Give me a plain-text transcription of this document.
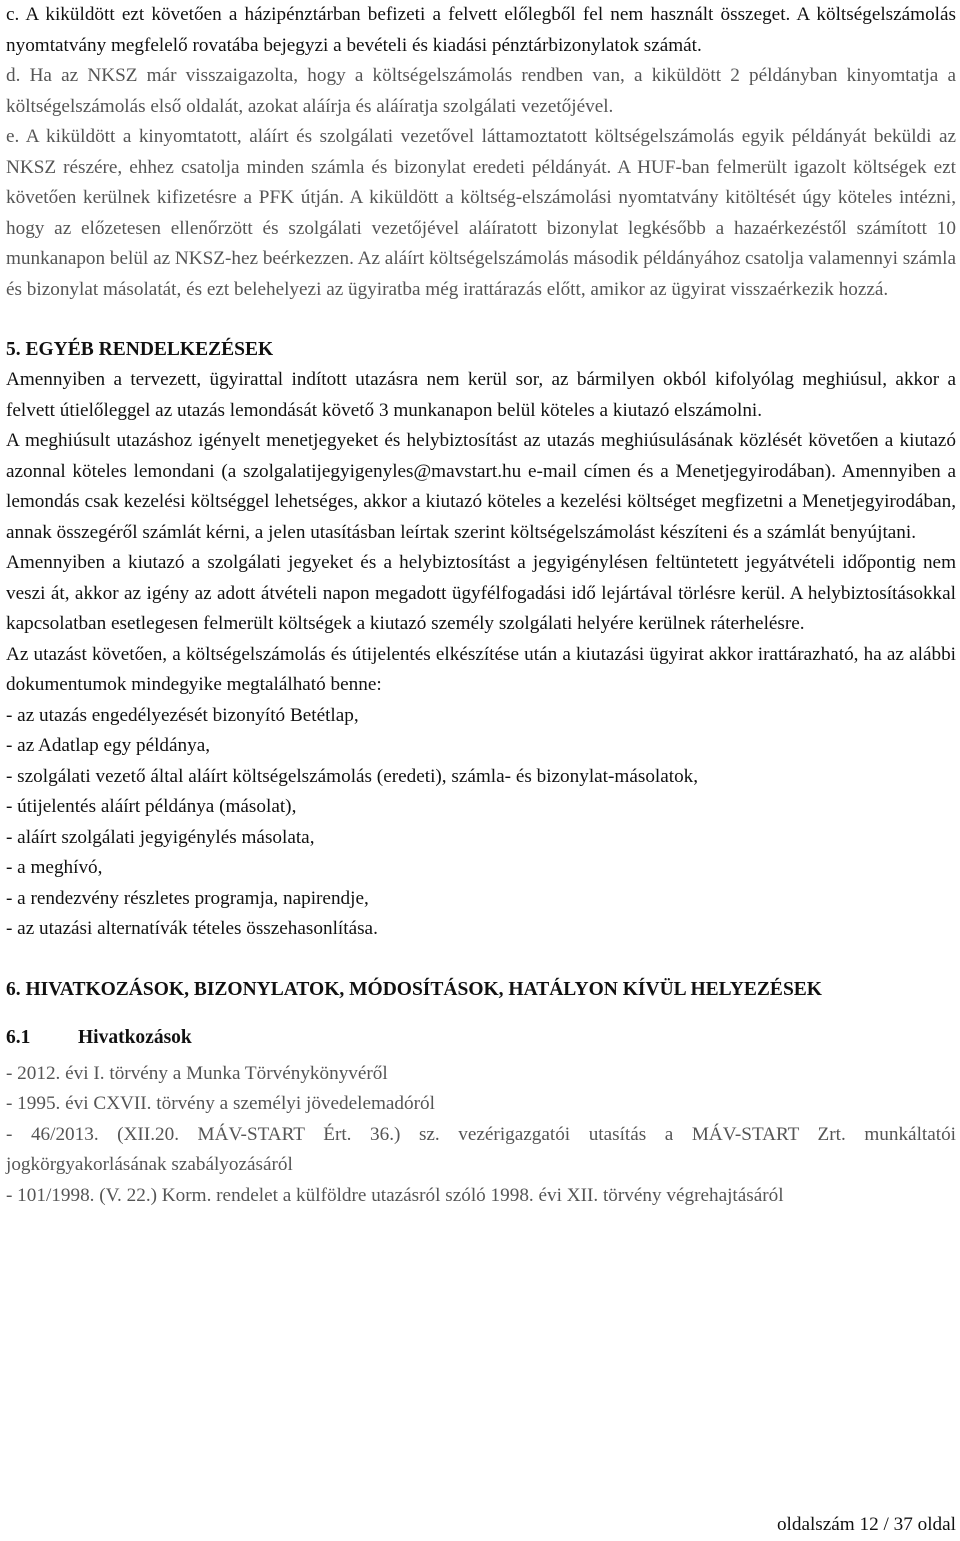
c. A kiküldött ezt követően a házipénztárban befizeti a felvett előlegből fel nem használt összeget. A költségelszámolás nyomtatvány megfelelő rovatába bejegyzi a bevételi és kiadási pénztárbizonylatok számát.

d. Ha az NKSZ már visszaigazolta, hogy a költségelszámolás rendben van, a kiküldött 2 példányban kinyomtatja a költségelszámolás első oldalát, azokat aláírja és aláíratja szolgálati vezetőjével.

e. A kiküldött a kinyomtatott, aláírt és szolgálati vezetővel láttamoztatott költségelszámolás egyik példányát beküldi az NKSZ részére, ehhez csatolja minden számla és bizonylat eredeti példányát. A HUF-ban felmerült igazolt költségek ezt követően kerülnek kifizetésre a PFK útján. A kiküldött a költség-elszámolási nyomtatvány kitöltését úgy köteles intézni, hogy az előzetesen ellenőrzött és szolgálati vezetőjével aláíratott bizonylat legkésőbb a hazaérkezéstől számított 10 munkanapon belül az NKSZ-hez beérkezzen. Az aláírt költségelszámolás második példányához csatolja valamennyi számla és bizonylat másolatát, és ezt belehelyezi az ügyiratba még irattárazás előtt, amikor az ügyirat visszaérkezik hozzá.

5. EGYÉB RENDELKEZÉSEK

Amennyiben a tervezett, ügyirattal indított utazásra nem kerül sor, az bármilyen okból kifolyólag meghiúsul, akkor a felvett útielőleggel az utazás lemondását követő 3 munkanapon belül köteles a kiutazó elszámolni.

A meghiúsult utazáshoz igényelt menetjegyeket és helybiztosítást az utazás meghiúsulásának közlését követően a kiutazó azonnal köteles lemondani (a szolgalatijegyigenyles@mavstart.hu e-mail címen és a Menetjegyirodában). Amennyiben a lemondás csak kezelési költséggel lehetséges, akkor a kiutazó köteles a kezelési költséget megfizetni a Menetjegyirodában, annak összegéről számlát kérni, a jelen utasításban leírtak szerint költségelszámolást készíteni és a számlát benyújtani.

Amennyiben a kiutazó a szolgálati jegyeket és a helybiztosítást a jegyigénylésen feltüntetett jegyátvételi időpontig nem veszi át, akkor az igény az adott átvételi napon megadott ügyfélfogadási idő lejártával törlésre kerül. A helybiztosításokkal kapcsolatban esetlegesen felmerült költségek a kiutazó személy szolgálati helyére kerülnek ráterhelésre.

Az utazást követően, a költségelszámolás és útijelentés elkészítése után a kiutazási ügyirat akkor irattárazható, ha az alábbi dokumentumok mindegyike megtalálható benne:

- az utazás engedélyezését bizonyító Betétlap,
- az Adatlap egy példánya,
- szolgálati vezető által aláírt költségelszámolás (eredeti), számla- és bizonylat-másolatok,
- útijelentés aláírt példánya (másolat),
- aláírt szolgálati jegyigénylés másolata,
- a meghívó,
- a rendezvény részletes programja, napirendje,
- az utazási alternatívák tételes összehasonlítása.
6. HIVATKOZÁSOK, BIZONYLATOK, MÓDOSÍTÁSOK, HATÁLYON KÍVÜL HELYEZÉSEK
6.1 Hivatkozások

- 2012. évi I. törvény a Munka Törvénykönyvéről

- 1995. évi CXVII. törvény a személyi jövedelemadóról

- 46/2013. (XII.20. MÁV-START Ért. 36.) sz. vezérigazgatói utasítás a MÁV-START Zrt. munkáltatói jogkörgyakorlásának szabályozásáról

- 101/1998. (V. 22.) Korm. rendelet a külföldre utazásról szóló 1998. évi XII. törvény végrehajtásáról

oldalszám 12 / 37 oldal
